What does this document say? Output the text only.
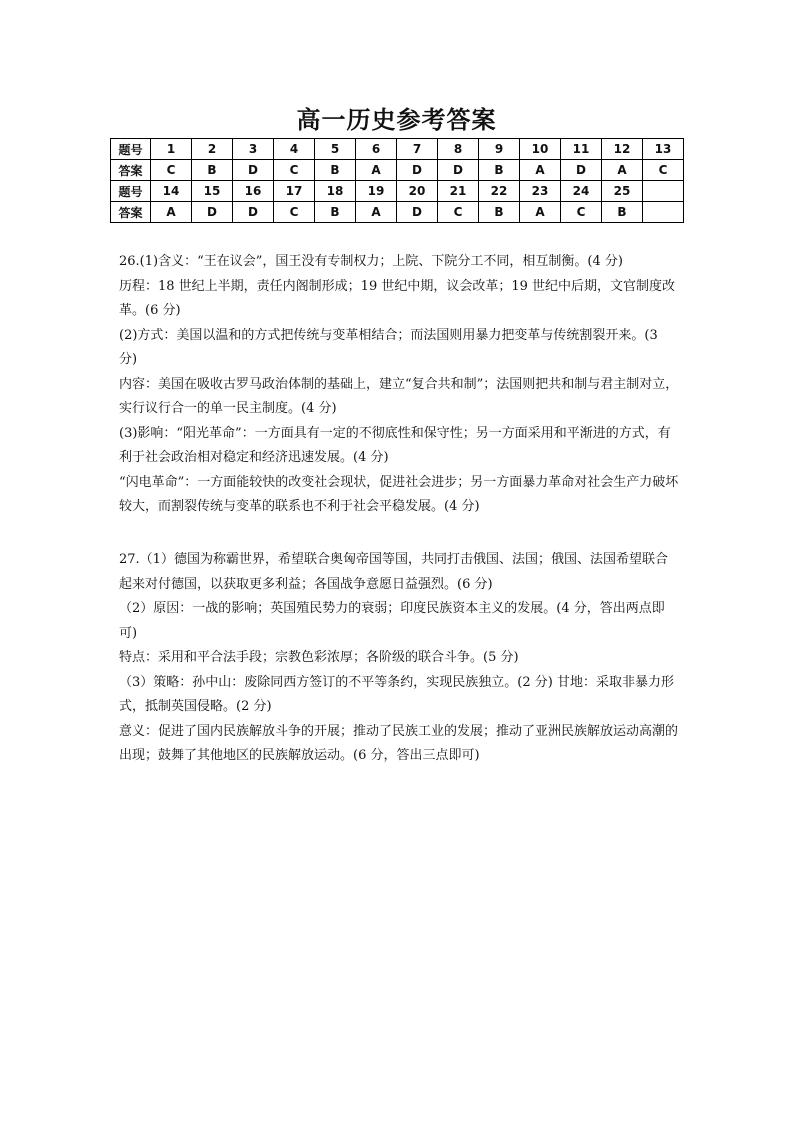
高一历史参考答案
题号	1	2	3	4	5	6	7	8	9	10	11	12	13
答案	C	B	D	C	B	A	D	D	B	A	D	A	C
题号	14	15	16	17	18	19	20	21	22	23	24	25	
答案	A	D	D	C	B	A	D	C	B	A	C	B	

26.(1)含义：“王在议会”，国王没有专制权力；上院、下院分工不同，相互制衡。(4 分)

历程：18 世纪上半期，责任内阁制形成；19 世纪中期，议会改革；19 世纪中后期，文官制度改革。(6 分)

(2)方式：美国以温和的方式把传统与变革相结合；而法国则用暴力把变革与传统割裂开来。(3 分)

内容：美国在吸收古罗马政治体制的基础上，建立“复合共和制”；法国则把共和制与君主制对立，实行议行合一的单一民主制度。(4 分)

(3)影响：“阳光革命”：一方面具有一定的不彻底性和保守性；另一方面采用和平渐进的方式，有利于社会政治相对稳定和经济迅速发展。(4 分)

“闪电革命”：一方面能较快的改变社会现状，促进社会进步；另一方面暴力革命对社会生产力破坏较大，而割裂传统与变革的联系也不利于社会平稳发展。(4 分)

27.（1）德国为称霸世界，希望联合奥匈帝国等国，共同打击俄国、法国；俄国、法国希望联合起来对付德国，以获取更多利益；各国战争意愿日益强烈。(6 分)

（2）原因：一战的影响；英国殖民势力的衰弱；印度民族资本主义的发展。(4 分，答出两点即可)

特点：采用和平合法手段；宗教色彩浓厚；各阶级的联合斗争。(5 分)

（3）策略：孙中山：废除同西方签订的不平等条约，实现民族独立。(2 分) 甘地：采取非暴力形式，抵制英国侵略。(2 分)

意义：促进了国内民族解放斗争的开展；推动了民族工业的发展；推动了亚洲民族解放运动高潮的出现；鼓舞了其他地区的民族解放运动。(6 分，答出三点即可)
